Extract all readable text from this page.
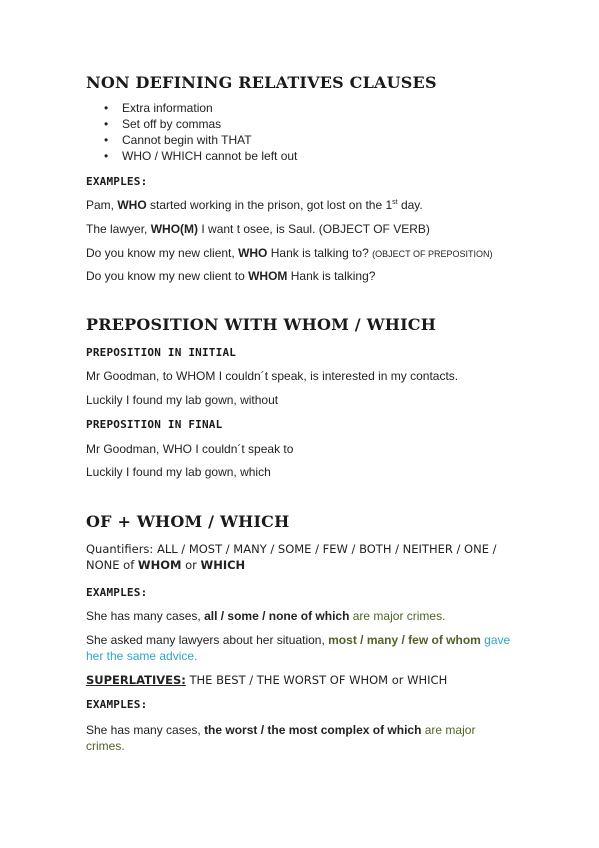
NON DEFINING RELATIVES CLAUSES
• Extra information
• Set off by commas
• Cannot begin with THAT
• WHO / WHICH cannot be left out
EXAMPLES:
Pam, WHO started working in the prison, got lost on the 1st day.
The lawyer, WHO(M) I want t osee, is Saul. (OBJECT OF VERB)
Do you know my new client, WHO Hank is talking to? (OBJECT OF PREPOSITION)
Do you know my new client to WHOM Hank is talking?
PREPOSITION WITH WHOM / WHICH
PREPOSITION IN INITIAL
Mr Goodman, to WHOM I couldn´t speak, is interested in my contacts.
Luckily I found my lab gown, without
PREPOSITION IN FINAL
Mr Goodman, WHO I couldn´t speak to
Luckily I found my lab gown, which
OF + WHOM / WHICH
Quantifiers: ALL / MOST / MANY / SOME / FEW / BOTH / NEITHER / ONE / NONE of WHOM or WHICH
EXAMPLES:
She has many cases, all / some / none of which are major crimes.
She asked many lawyers about her situation, most / many / few of whom gave her the same advice.
SUPERLATIVES: THE BEST / THE WORST OF WHOM or WHICH
EXAMPLES:
She has many cases, the worst / the most complex of which are major crimes.
